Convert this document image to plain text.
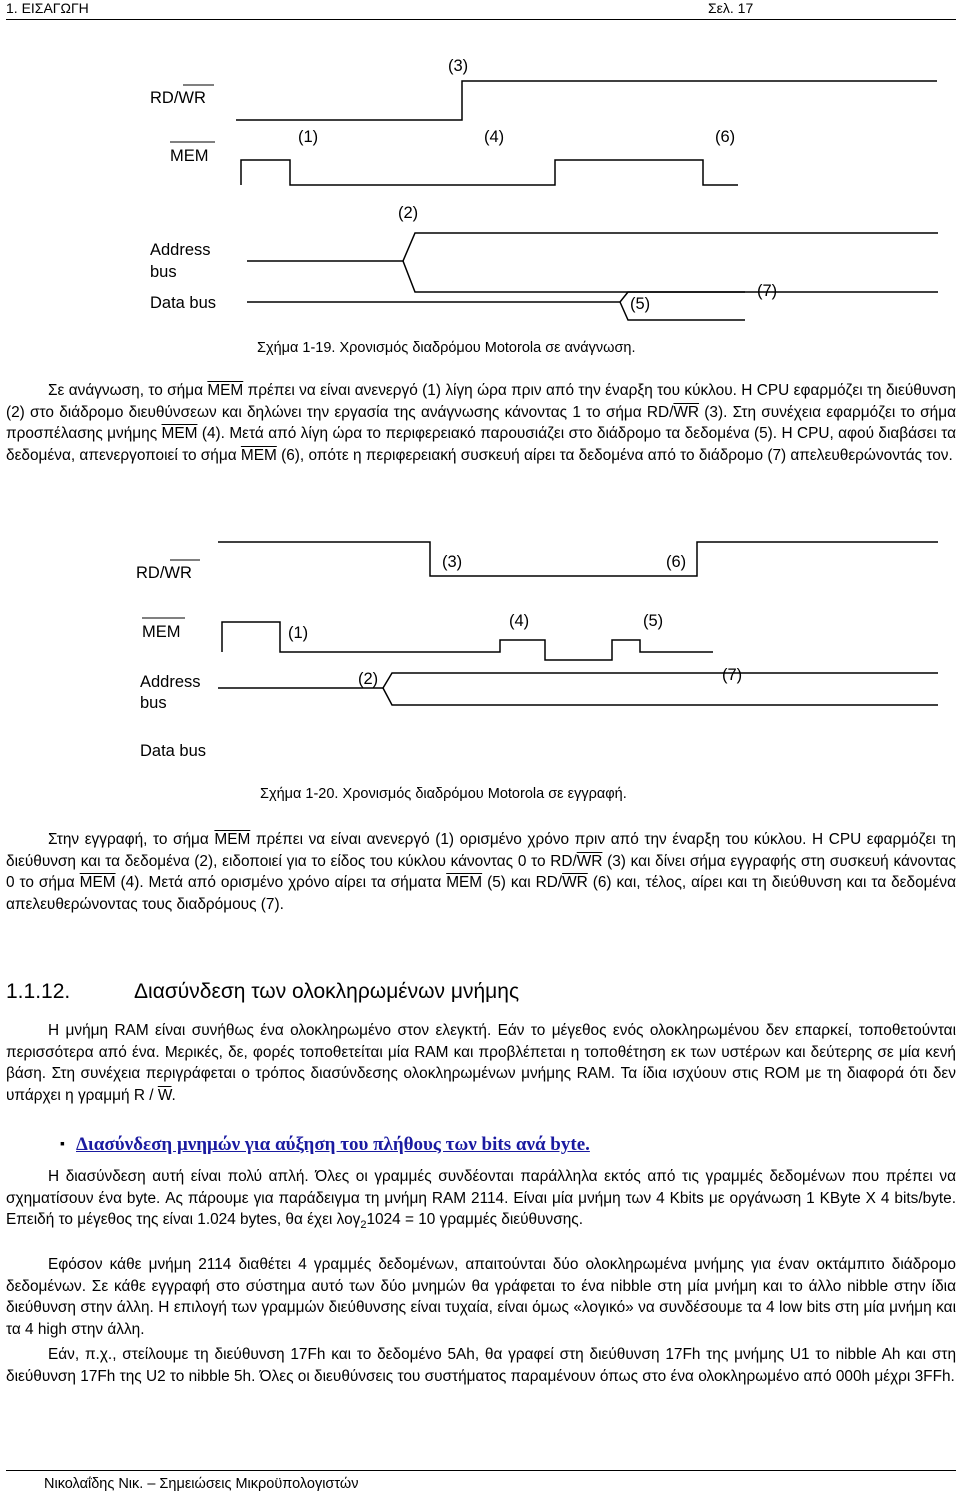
1. ΕΙΣΑΓΩΓΗ	Σελ. 17
RD/WR
MEM
Address
bus
Data bus
(3)
(1)	(4)	(6)
(2)
(5)
(7)
Σχήμα 1-19. Χρονισμός διαδρόμου Motorola σε ανάγνωση.

Σε ανάγνωση, το σήμα $\overline{MEM}$ πρέπει να είναι ανενεργό (1) λίγη ώρα πριν από την έναρξη του κύκλου. Η CPU εφαρμόζει τη διεύθυνση (2) στο διάδρομο διευθύνσεων και δηλώνει την εργασία της ανάγνωσης κάνοντας 1 το σήμα $RD/\overline{WR}$ (3). Στη συνέχεια εφαρμόζει το σήμα προσπέλασης μνήμης $\overline{MEM}$ (4). Μετά από λίγη ώρα το περιφερειακό παρουσιάζει στο διάδρομο τα δεδομένα (5). Η CPU, αφού διαβάσει τα δεδομένα, απενεργοποιεί το σήμα $\overline{MEM}$ (6), οπότε η περιφερειακή συσκευή αίρει τα δεδομένα από το διάδρομο (7) απελευθερώνοντάς τον.

RD/WR
MEM
Address
bus
Data bus
(3)	(6)
(1)
(4)	(5)
(2)	(7)
Σχήμα 1-20. Χρονισμός διαδρόμου Motorola σε εγγραφή.

Στην εγγραφή, το σήμα $\overline{MEM}$ πρέπει να είναι ανενεργό (1) ορισμένο χρόνο πριν από την έναρξη του κύκλου. Η CPU εφαρμόζει τη διεύθυνση και τα δεδομένα (2), ειδοποιεί για το είδος του κύκλου κάνοντας 0 το $RD/\overline{WR}$ (3) και δίνει σήμα εγγραφής στη συσκευή κάνοντας 0 το σήμα $\overline{MEM}$ (4). Μετά από ορισμένο χρόνο αίρει τα σήματα $\overline{MEM}$ (5) και $RD/\overline{WR}$ (6) και, τέλος, αίρει και τη διεύθυνση και τα δεδομένα απελευθερώνοντας τους διαδρόμους (7).

1.1.12.	Διασύνδεση των ολοκληρωμένων μνήμης

Η μνήμη RAM είναι συνήθως ένα ολοκληρωμένο στον ελεγκτή. Εάν το μέγεθος ενός ολοκληρωμένου δεν επαρκεί, τοποθετούνται περισσότερα από ένα. Μερικές, δε, φορές τοποθετείται μία RAM και προβλέπεται η τοποθέτηση εκ των υστέρων και δεύτερης σε μία κενή βάση. Στη συνέχεια περιγράφεται ο τρόπος διασύνδεσης ολοκληρωμένων μνήμης RAM. Τα ίδια ισχύουν στις ROM με τη διαφορά ότι δεν υπάρχει η γραμμή R / $\overline{W}$.

▪ Διασύνδεση μνημών για αύξηση του πλήθους των bits ανά byte.

Η διασύνδεση αυτή είναι πολύ απλή. Όλες οι γραμμές συνδέονται παράλληλα εκτός από τις γραμμές δεδομένων που πρέπει να σχηματίσουν ένα byte. Ας πάρουμε για παράδειγμα τη μνήμη RAM 2114. Είναι μία μνήμη των 4 Kbits με οργάνωση 1 KByte X 4 bits/byte. Επειδή το μέγεθος της είναι 1.024 bytes, θα έχει λογ$_2$1024 = 10 γραμμές διεύθυνσης.

Εφόσον κάθε μνήμη 2114 διαθέτει 4 γραμμές δεδομένων, απαιτούνται δύο ολοκληρωμένα μνήμης για έναν οκτάμπιτο διάδρομο δεδομένων. Σε κάθε εγγραφή στο σύστημα αυτό των δύο μνημών θα γράφεται το ένα nibble στη μία μνήμη και το άλλο nibble στην ίδια διεύθυνση στην άλλη. Η επιλογή των γραμμών διεύθυνσης είναι τυχαία, είναι όμως «λογικό» να συνδέσουμε τα 4 low bits στη μία μνήμη και τα 4 high στην άλλη.

Εάν, π.χ., στείλουμε τη διεύθυνση 17Fh και το δεδομένο 5Ah, θα γραφεί στη διεύθυνση 17Fh της μνήμης U1 το nibble Ah και στη διεύθυνση 17Fh της U2 το nibble 5h. Όλες οι διευθύνσεις του συστήματος παραμένουν όπως στο ένα ολοκληρωμένο από 000h μέχρι 3FFh.

Νικολαΐδης Νικ. – Σημειώσεις Μικροϋπολογιστών
